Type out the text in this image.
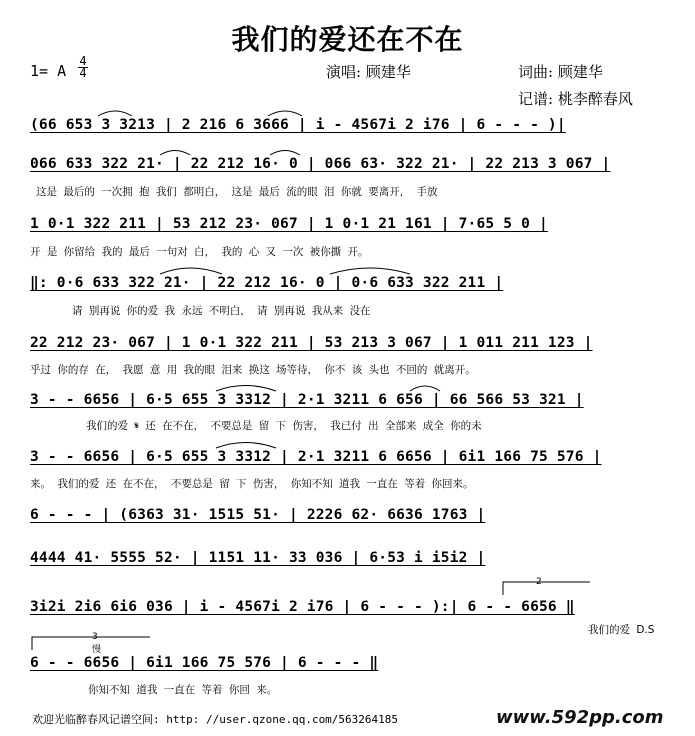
我们的爱还在不在
1= A
4
4	演唱: 顾建华	词曲: 顾建华
记谱: 桃李醉春风
(66 653 3 3213 | 2 216 6 3666 | i - 4567i 2 i76 | 6 - - - )|
066 633 322 21· | 22 212 16· 0 | 066 63· 322 21· | 22 213 3 067 |
这是 最后的 一次拥 抱 我们 都明白， 这是 最后 流的眼 泪 你就 要离开， 手放
1 0·1 322 211 | 53 212 23· 067 | 1 0·1 21 161 | 7·65 5 0 |
开 是 你留给 我的 最后 一句对 白， 我的 心 又 一次 被你撕 开。
‖: 0·6 633 322 21· | 22 212 16· 0 | 0·6 633 322 211 |
请 别再说 你的爱 我 永远 不明白， 请 别再说 我从来 没在
22 212 23· 067 | 1 0·1 322 211 | 53 213 3 067 | 1 011 211 123 |
乎过 你的存 在， 我愿 意 用 我的眼 泪来 换这 场等待， 你不 该 头也 不回的 就离开。
3 - - 6656 | 6·5 655 3 3312 | 2·1 3211 6 656 | 66 566 53 321 |
我们的爱 𝄋 还 在不在， 不要总是 留 下 伤害， 我已付 出 全部来 成全 你的未
3 - - 6656 | 6·5 655 3 3312 | 2·1 3211 6 6656 | 6i1 166 75 576 |
来。 我们的爱 还 在不在， 不要总是 留 下 伤害， 你知不知 道我 一直在 等着 你回来。
6 - - - | (6363 31· 1515 51· | 2226 62· 6636 1763 |
4444 41· 5555 52· | 1151 11· 33 036 | 6·53 i i5i2 |
3i2i 2i6 6i6 036 | i - 4567i 2 i76 | 6 - - - ):| 6 - - 6656 ‖
我们的爱 D.S
2
3
慢
6 - - 6656 | 6i1 166 75 576 | 6 - - - ‖
你知不知 道我 一直在 等着 你回 来。
欢迎光临醉春风记谱空间: http: //user.qzone.qq.com/563264185	www.592pp.com
